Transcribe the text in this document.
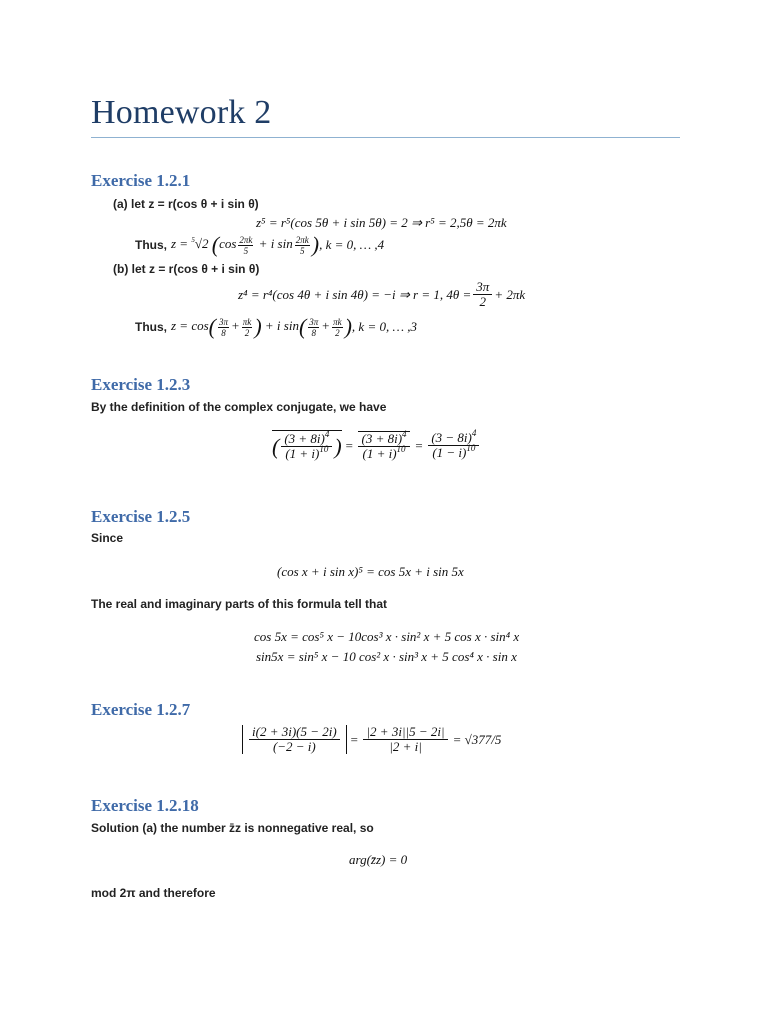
Homework 2
Exercise 1.2.1
(a) let z = r(cos θ + i sin θ)
z⁵ = r⁵(cos 5θ + i sin 5θ) = 2 ⇒ r⁵ = 2,5θ = 2πk
Thus, z = $^5$√2 ($\cos \frac{2\pi k}{5} + i$ $\sin \frac{2\pi k}{5}$ ) , k = 0, … ,4
(b) let z = r(cos θ + i sin θ)
z⁴ = r⁴(cos 4θ + i sin 4θ) = −i ⇒ r = 1, $4\theta = \frac{3\pi}{2} + 2\pi k$
Thus, $z = \cos( \frac{3\pi}{8} + \frac{\pi k}{2}$ ) + i $\sin( \frac{3\pi}{8} + \frac{\pi k}{2}$ ) , k = 0, … ,3
Exercise 1.2.3
By the definition of the complex conjugate, we have
( $\frac{(3 + 8i)^4}{(1 + i)^{10}}$ ) = $\frac{(3 + 8i)^4}{(1 + i)^{10}} = \frac{(3 - 8i)^4}{(1 - i)^{10}}$
Exercise 1.2.5
Since
(cos x + i sin x)⁵ = cos 5x + i sin 5x
The real and imaginary parts of this formula tell that
cos 5x = cos⁵ x − 10cos³ x · sin² x + 5 cos x · sin⁴ x
sin5x = sin⁵ x − 10 cos² x · sin³ x + 5 cos⁴ x · sin x
Exercise 1.2.7
$\frac{i(2 + 3i)(5 - 2i)}{(-2 - i)} = \frac{|2 + 3i||5 - 2i|}{|2 + i|} = √377/5$
Exercise 1.2.18
Solution (a) the number z̄z is nonnegative real, so
arg(z̄z) = 0
mod 2π and therefore
